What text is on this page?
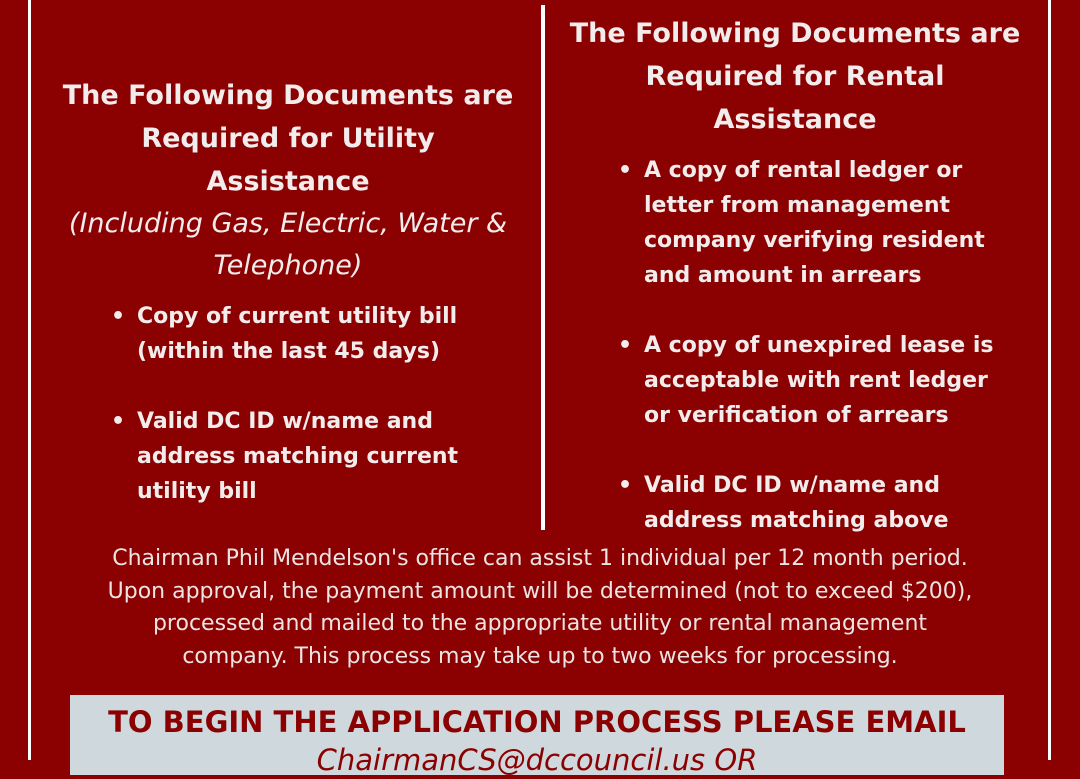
The Following Documents are
Required for Utility Assistance

(Including Gas, Electric, Water &
Telephone)

• Copy of current utility bill (within the last 45 days)
• Valid DC ID w/name and address matching current utility bill

The Following Documents are
Required for Rental Assistance

• A copy of rental ledger or letter from management company verifying resident and amount in arrears
• A copy of unexpired lease is acceptable with rent ledger or verification of arrears
• Valid DC ID w/name and address matching above

Chairman Phil Mendelson's office can assist 1 individual per 12 month period.
Upon approval, the payment amount will be determined (not to exceed $200),
processed and mailed to the appropriate utility or rental management
company. This process may take up to two weeks for processing.

TO BEGIN THE APPLICATION PROCESS PLEASE EMAIL

ChairmanCS@dccouncil.us OR
